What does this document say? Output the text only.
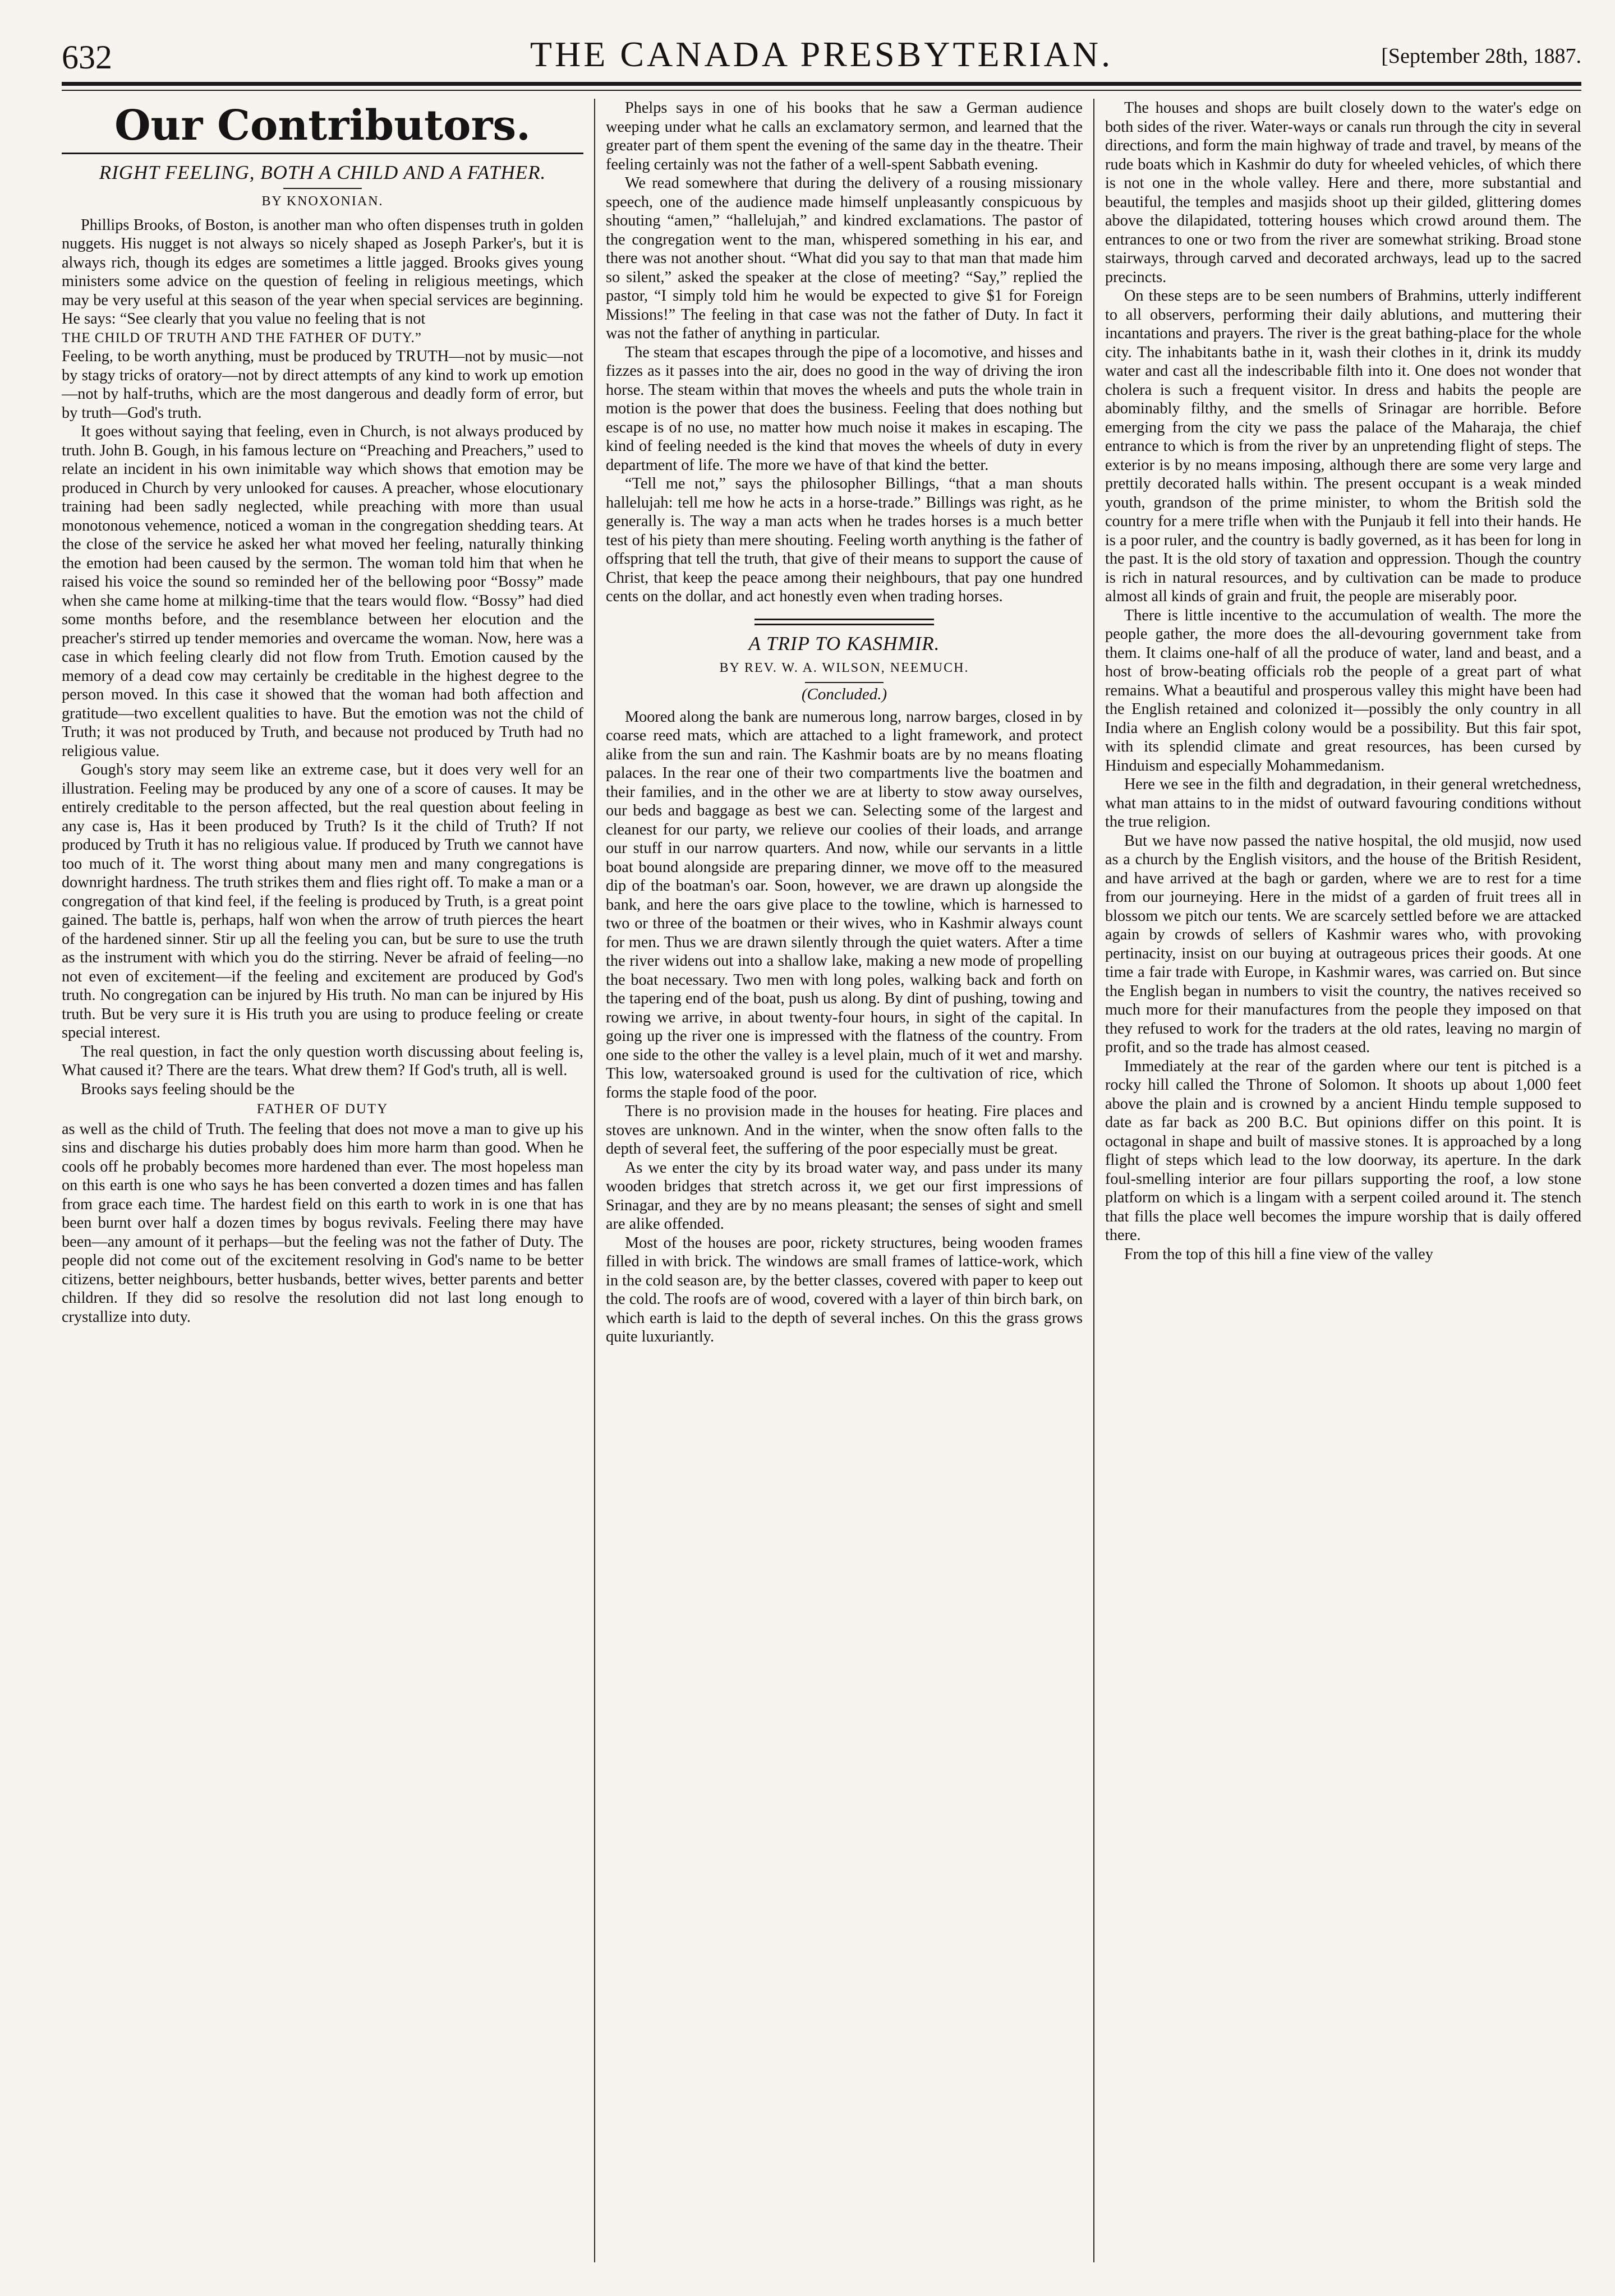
632	THE CANADA PRESBYTERIAN.	[September 28th, 1887.
Our Contributors.
RIGHT FEELING, BOTH A CHILD AND A FATHER.
BY KNOXONIAN.

Phillips Brooks, of Boston, is another man who often dispenses truth in golden nuggets. His nugget is not always so nicely shaped as Joseph Parker's, but it is always rich, though its edges are sometimes a little jagged. Brooks gives young ministers some advice on the question of feeling in religious meetings, which may be very useful at this season of the year when special services are beginning. He says: “See clearly that you value no feeling that is not

THE CHILD OF TRUTH AND THE FATHER OF DUTY.”

Feeling, to be worth anything, must be produced by TRUTH—not by music—not by stagy tricks of oratory—not by direct attempts of any kind to work up emotion—not by half-truths, which are the most dangerous and deadly form of error, but by truth—God's truth.

It goes without saying that feeling, even in Church, is not always produced by truth. John B. Gough, in his famous lecture on “Preaching and Preachers,” used to relate an incident in his own inimitable way which shows that emotion may be produced in Church by very unlooked for causes. A preacher, whose elocutionary training had been sadly neglected, while preaching with more than usual monotonous vehemence, noticed a woman in the congregation shedding tears. At the close of the service he asked her what moved her feeling, naturally thinking the emotion had been caused by the sermon. The woman told him that when he raised his voice the sound so reminded her of the bellowing poor “Bossy” made when she came home at milking-time that the tears would flow. “Bossy” had died some months before, and the resemblance between her elocution and the preacher's stirred up tender memories and overcame the woman. Now, here was a case in which feeling clearly did not flow from Truth. Emotion caused by the memory of a dead cow may certainly be creditable in the highest degree to the person moved. In this case it showed that the woman had both affection and gratitude—two excellent qualities to have. But the emotion was not the child of Truth; it was not produced by Truth, and because not produced by Truth had no religious value.

Gough's story may seem like an extreme case, but it does very well for an illustration. Feeling may be produced by any one of a score of causes. It may be entirely creditable to the person affected, but the real question about feeling in any case is, Has it been produced by Truth? Is it the child of Truth? If not produced by Truth it has no religious value. If produced by Truth we cannot have too much of it. The worst thing about many men and many congregations is downright hardness. The truth strikes them and flies right off. To make a man or a congregation of that kind feel, if the feeling is produced by Truth, is a great point gained. The battle is, perhaps, half won when the arrow of truth pierces the heart of the hardened sinner. Stir up all the feeling you can, but be sure to use the truth as the instrument with which you do the stirring. Never be afraid of feeling—no not even of excitement—if the feeling and excitement are produced by God's truth. No congregation can be injured by His truth. No man can be injured by His truth. But be very sure it is His truth you are using to produce feeling or create special interest.

The real question, in fact the only question worth discussing about feeling is, What caused it? There are the tears. What drew them? If God's truth, all is well.

Brooks says feeling should be the

FATHER OF DUTY

as well as the child of Truth. The feeling that does not move a man to give up his sins and discharge his duties probably does him more harm than good. When he cools off he probably becomes more hardened than ever. The most hopeless man on this earth is one who says he has been converted a dozen times and has fallen from grace each time. The hardest field on this earth to work in is one that has been burnt over half a dozen times by bogus revivals. Feeling there may have been—any amount of it perhaps—but the feeling was not the father of Duty. The people did not come out of the excitement resolving in God's name to be better citizens, better neighbours, better husbands, better wives, better parents and better children. If they did so resolve the resolution did not last long enough to crystallize into duty.

Phelps says in one of his books that he saw a German audience weeping under what he calls an exclamatory sermon, and learned that the greater part of them spent the evening of the same day in the theatre. Their feeling certainly was not the father of a well-spent Sabbath evening.

We read somewhere that during the delivery of a rousing missionary speech, one of the audience made himself unpleasantly conspicuous by shouting “amen,” “hallelujah,” and kindred exclamations. The pastor of the congregation went to the man, whispered something in his ear, and there was not another shout. “What did you say to that man that made him so silent,” asked the speaker at the close of meeting? “Say,” replied the pastor, “I simply told him he would be expected to give $1 for Foreign Missions!” The feeling in that case was not the father of Duty. In fact it was not the father of anything in particular.

The steam that escapes through the pipe of a locomotive, and hisses and fizzes as it passes into the air, does no good in the way of driving the iron horse. The steam within that moves the wheels and puts the whole train in motion is the power that does the business. Feeling that does nothing but escape is of no use, no matter how much noise it makes in escaping. The kind of feeling needed is the kind that moves the wheels of duty in every department of life. The more we have of that kind the better.

“Tell me not,” says the philosopher Billings, “that a man shouts hallelujah: tell me how he acts in a horse-trade.” Billings was right, as he generally is. The way a man acts when he trades horses is a much better test of his piety than mere shouting. Feeling worth anything is the father of offspring that tell the truth, that give of their means to support the cause of Christ, that keep the peace among their neighbours, that pay one hundred cents on the dollar, and act honestly even when trading horses.

A TRIP TO KASHMIR.
BY REV. W. A. WILSON, NEEMUCH.
(Concluded.)

Moored along the bank are numerous long, narrow barges, closed in by coarse reed mats, which are attached to a light framework, and protect alike from the sun and rain. The Kashmir boats are by no means floating palaces. In the rear one of their two compartments live the boatmen and their families, and in the other we are at liberty to stow away ourselves, our beds and baggage as best we can. Selecting some of the largest and cleanest for our party, we relieve our coolies of their loads, and arrange our stuff in our narrow quarters. And now, while our servants in a little boat bound alongside are preparing dinner, we move off to the measured dip of the boatman's oar. Soon, however, we are drawn up alongside the bank, and here the oars give place to the towline, which is harnessed to two or three of the boatmen or their wives, who in Kashmir always count for men. Thus we are drawn silently through the quiet waters. After a time the river widens out into a shallow lake, making a new mode of propelling the boat necessary. Two men with long poles, walking back and forth on the tapering end of the boat, push us along. By dint of pushing, towing and rowing we arrive, in about twenty-four hours, in sight of the capital. In going up the river one is impressed with the flatness of the country. From one side to the other the valley is a level plain, much of it wet and marshy. This low, watersoaked ground is used for the cultivation of rice, which forms the staple food of the poor.

There is no provision made in the houses for heating. Fire places and stoves are unknown. And in the winter, when the snow often falls to the depth of several feet, the suffering of the poor especially must be great.

As we enter the city by its broad water way, and pass under its many wooden bridges that stretch across it, we get our first impressions of Srinagar, and they are by no means pleasant; the senses of sight and smell are alike offended.

Most of the houses are poor, rickety structures, being wooden frames filled in with brick. The windows are small frames of lattice-work, which in the cold season are, by the better classes, covered with paper to keep out the cold. The roofs are of wood, covered with a layer of thin birch bark, on which earth is laid to the depth of several inches. On this the grass grows quite luxuriantly.

The houses and shops are built closely down to the water's edge on both sides of the river. Water-ways or canals run through the city in several directions, and form the main highway of trade and travel, by means of the rude boats which in Kashmir do duty for wheeled vehicles, of which there is not one in the whole valley. Here and there, more substantial and beautiful, the temples and masjids shoot up their gilded, glittering domes above the dilapidated, tottering houses which crowd around them. The entrances to one or two from the river are somewhat striking. Broad stone stairways, through carved and decorated archways, lead up to the sacred precincts.

On these steps are to be seen numbers of Brahmins, utterly indifferent to all observers, performing their daily ablutions, and muttering their incantations and prayers. The river is the great bathing-place for the whole city. The inhabitants bathe in it, wash their clothes in it, drink its muddy water and cast all the indescribable filth into it. One does not wonder that cholera is such a frequent visitor. In dress and habits the people are abominably filthy, and the smells of Srinagar are horrible. Before emerging from the city we pass the palace of the Maharaja, the chief entrance to which is from the river by an unpretending flight of steps. The exterior is by no means imposing, although there are some very large and prettily decorated halls within. The present occupant is a weak minded youth, grandson of the prime minister, to whom the British sold the country for a mere trifle when with the Punjaub it fell into their hands. He is a poor ruler, and the country is badly governed, as it has been for long in the past. It is the old story of taxation and oppression. Though the country is rich in natural resources, and by cultivation can be made to produce almost all kinds of grain and fruit, the people are miserably poor.

There is little incentive to the accumulation of wealth. The more the people gather, the more does the all-devouring government take from them. It claims one-half of all the produce of water, land and beast, and a host of brow-beating officials rob the people of a great part of what remains. What a beautiful and prosperous valley this might have been had the English retained and colonized it—possibly the only country in all India where an English colony would be a possibility. But this fair spot, with its splendid climate and great resources, has been cursed by Hinduism and especially Mohammedanism.

Here we see in the filth and degradation, in their general wretchedness, what man attains to in the midst of outward favouring conditions without the true religion.

But we have now passed the native hospital, the old musjid, now used as a church by the English visitors, and the house of the British Resident, and have arrived at the bagh or garden, where we are to rest for a time from our journeying. Here in the midst of a garden of fruit trees all in blossom we pitch our tents. We are scarcely settled before we are attacked again by crowds of sellers of Kashmir wares who, with provoking pertinacity, insist on our buying at outrageous prices their goods. At one time a fair trade with Europe, in Kashmir wares, was carried on. But since the English began in numbers to visit the country, the natives received so much more for their manufactures from the people they imposed on that they refused to work for the traders at the old rates, leaving no margin of profit, and so the trade has almost ceased.

Immediately at the rear of the garden where our tent is pitched is a rocky hill called the Throne of Solomon. It shoots up about 1,000 feet above the plain and is crowned by a ancient Hindu temple supposed to date as far back as 200 B.C. But opinions differ on this point. It is octagonal in shape and built of massive stones. It is approached by a long flight of steps which lead to the low doorway, its aperture. In the dark foul-smelling interior are four pillars supporting the roof, a low stone platform on which is a lingam with a serpent coiled around it. The stench that fills the place well becomes the impure worship that is daily offered there.

From the top of this hill a fine view of the valley
